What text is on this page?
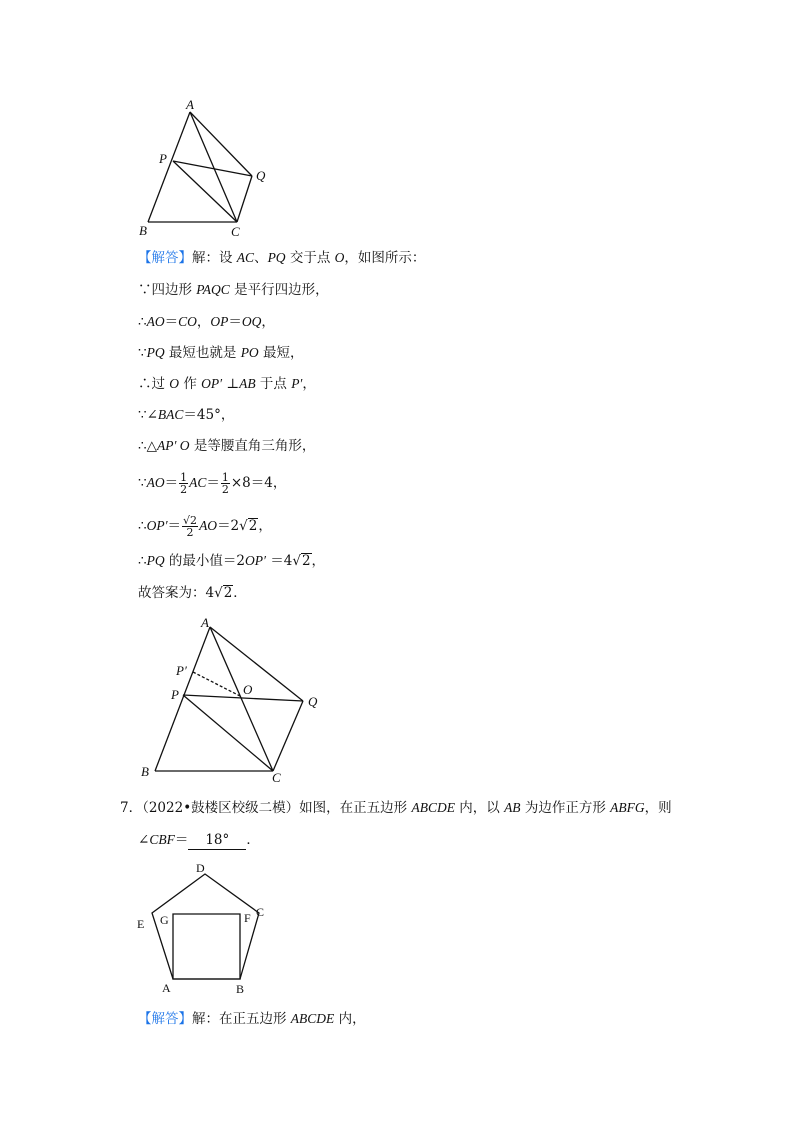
A
P
Q
B	C
【解答】解：设 AC、PQ 交于点 O，如图所示：
∵四边形 PAQC 是平行四边形，
∴AO＝CO，OP＝OQ，
∵PQ 最短也就是 PO 最短，
∴过 O 作 OP′ ⊥AB 于点 P′，
∵∠BAC＝45°，
∴△AP′ O 是等腰直角三角形，
∵AO＝ $\frac{1}{2} AC= \frac{1}{2} \times 8=4$，
∴OP′＝ $\frac{√2}{2} AO=2√2$，
∴PQ 的最小值＝2OP′ ＝4√2，
故答案为：4√2．
A
P′
P	O
Q
B	C
7．（2022•鼓楼区校级二模）如图，在正五边形 ABCDE 内，以 AB 为边作正方形 ABFG，则
∠CBF＝ 18° ．
D
E G	F C
A	B
【解答】解：在正五边形 ABCDE 内，
